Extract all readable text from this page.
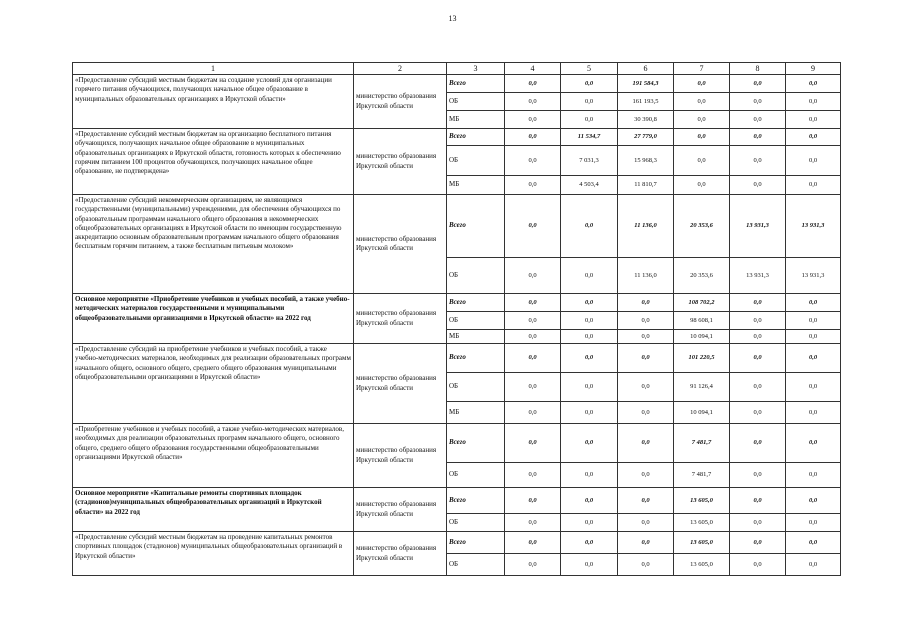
13
1	2	3	4	5	6	7	8	9
«Предоставление субсидий местным бюджетам на создание условий для организации горячего питания обучающихся, получающих начальное общее образование в муниципальных образовательных организациях в Иркутской области»	министерство образования Иркутской области	Всего	0,0	0,0	191 584,3	0,0	0,0	0,0
		ОБ	0,0	0,0	161 193,5	0,0	0,0	0,0
		МБ	0,0	0,0	30 390,8	0,0	0,0	0,0
«Предоставление субсидий местным бюджетам на организацию бесплатного питания обучающихся, получающих начальное общее образование в муниципальных образовательных организациях в Иркутской области, готовность которых к обеспечению горячим питанием 100 процентов обучающихся, получающих начальное общее образование, не подтверждена»	министерство образования Иркутской области	Всего	0,0	11 534,7	27 779,0	0,0	0,0	0,0
		ОБ	0,0	7 031,3	15 968,3	0,0	0,0	0,0
		МБ	0,0	4 503,4	11 810,7	0,0	0,0	0,0
«Предоставление субсидий некоммерческим организациям, не являющимся государственными (муниципальными) учреждениями, для обеспечения обучающихся по образовательным программам начального общего образования в некоммерческих общеобразовательных организациях в Иркутской области по имеющим государственную аккредитацию основным образовательным программам начального общего образования бесплатным горячим питанием, а также бесплатным питьевым молоком»	министерство образования Иркутской области	Всего	0,0	0,0	11 136,0	20 353,6	13 931,3	13 931,3
		ОБ	0,0	0,0	11 136,0	20 353,6	13 931,3	13 931,3
Основное мероприятие «Приобретение учебников и учебных пособий, а также учебно-методических материалов государственными и муниципальными общеобразовательными организациями в Иркутской области» на 2022 год	министерство образования Иркутской области	Всего	0,0	0,0	0,0	108 702,2	0,0	0,0
		ОБ	0,0	0,0	0,0	98 608,1	0,0	0,0
		МБ	0,0	0,0	0,0	10 094,1	0,0	0,0
«Предоставление субсидий на приобретение учебников и учебных пособий, а также учебно-методических материалов, необходимых для реализации образовательных программ начального общего, основного общего, среднего общего образования муниципальными общеобразовательными организациями в Иркутской области»	министерство образования Иркутской области	Всего	0,0	0,0	0,0	101 220,5	0,0	0,0
		ОБ	0,0	0,0	0,0	91 126,4	0,0	0,0
		МБ	0,0	0,0	0,0	10 094,1	0,0	0,0
«Приобретение учебников и учебных пособий, а также учебно-методических материалов, необходимых для реализации образовательных программ начального общего, основного общего, среднего общего образования государственными общеобразовательными организациями Иркутской области»	министерство образования Иркутской области	Всего	0,0	0,0	0,0	7 481,7	0,0	0,0
		ОБ	0,0	0,0	0,0	7 481,7	0,0	0,0
Основное мероприятие «Капитальные ремонты спортивных площадок (стадионов)муниципальных общеобразовательных организаций в Иркутской области» на 2022 год	министерство образования Иркутской области	Всего	0,0	0,0	0,0	13 605,0	0,0	0,0
		ОБ	0,0	0,0	0,0	13 605,0	0,0	0,0
«Предоставление субсидий местным бюджетам на проведение капитальных ремонтов спортивных площадок (стадионов) муниципальных общеобразовательных организаций в Иркутской области»	министерство образования Иркутской области	Всего	0,0	0,0	0,0	13 605,0	0,0	0,0
		ОБ	0,0	0,0	0,0	13 605,0	0,0	0,0
